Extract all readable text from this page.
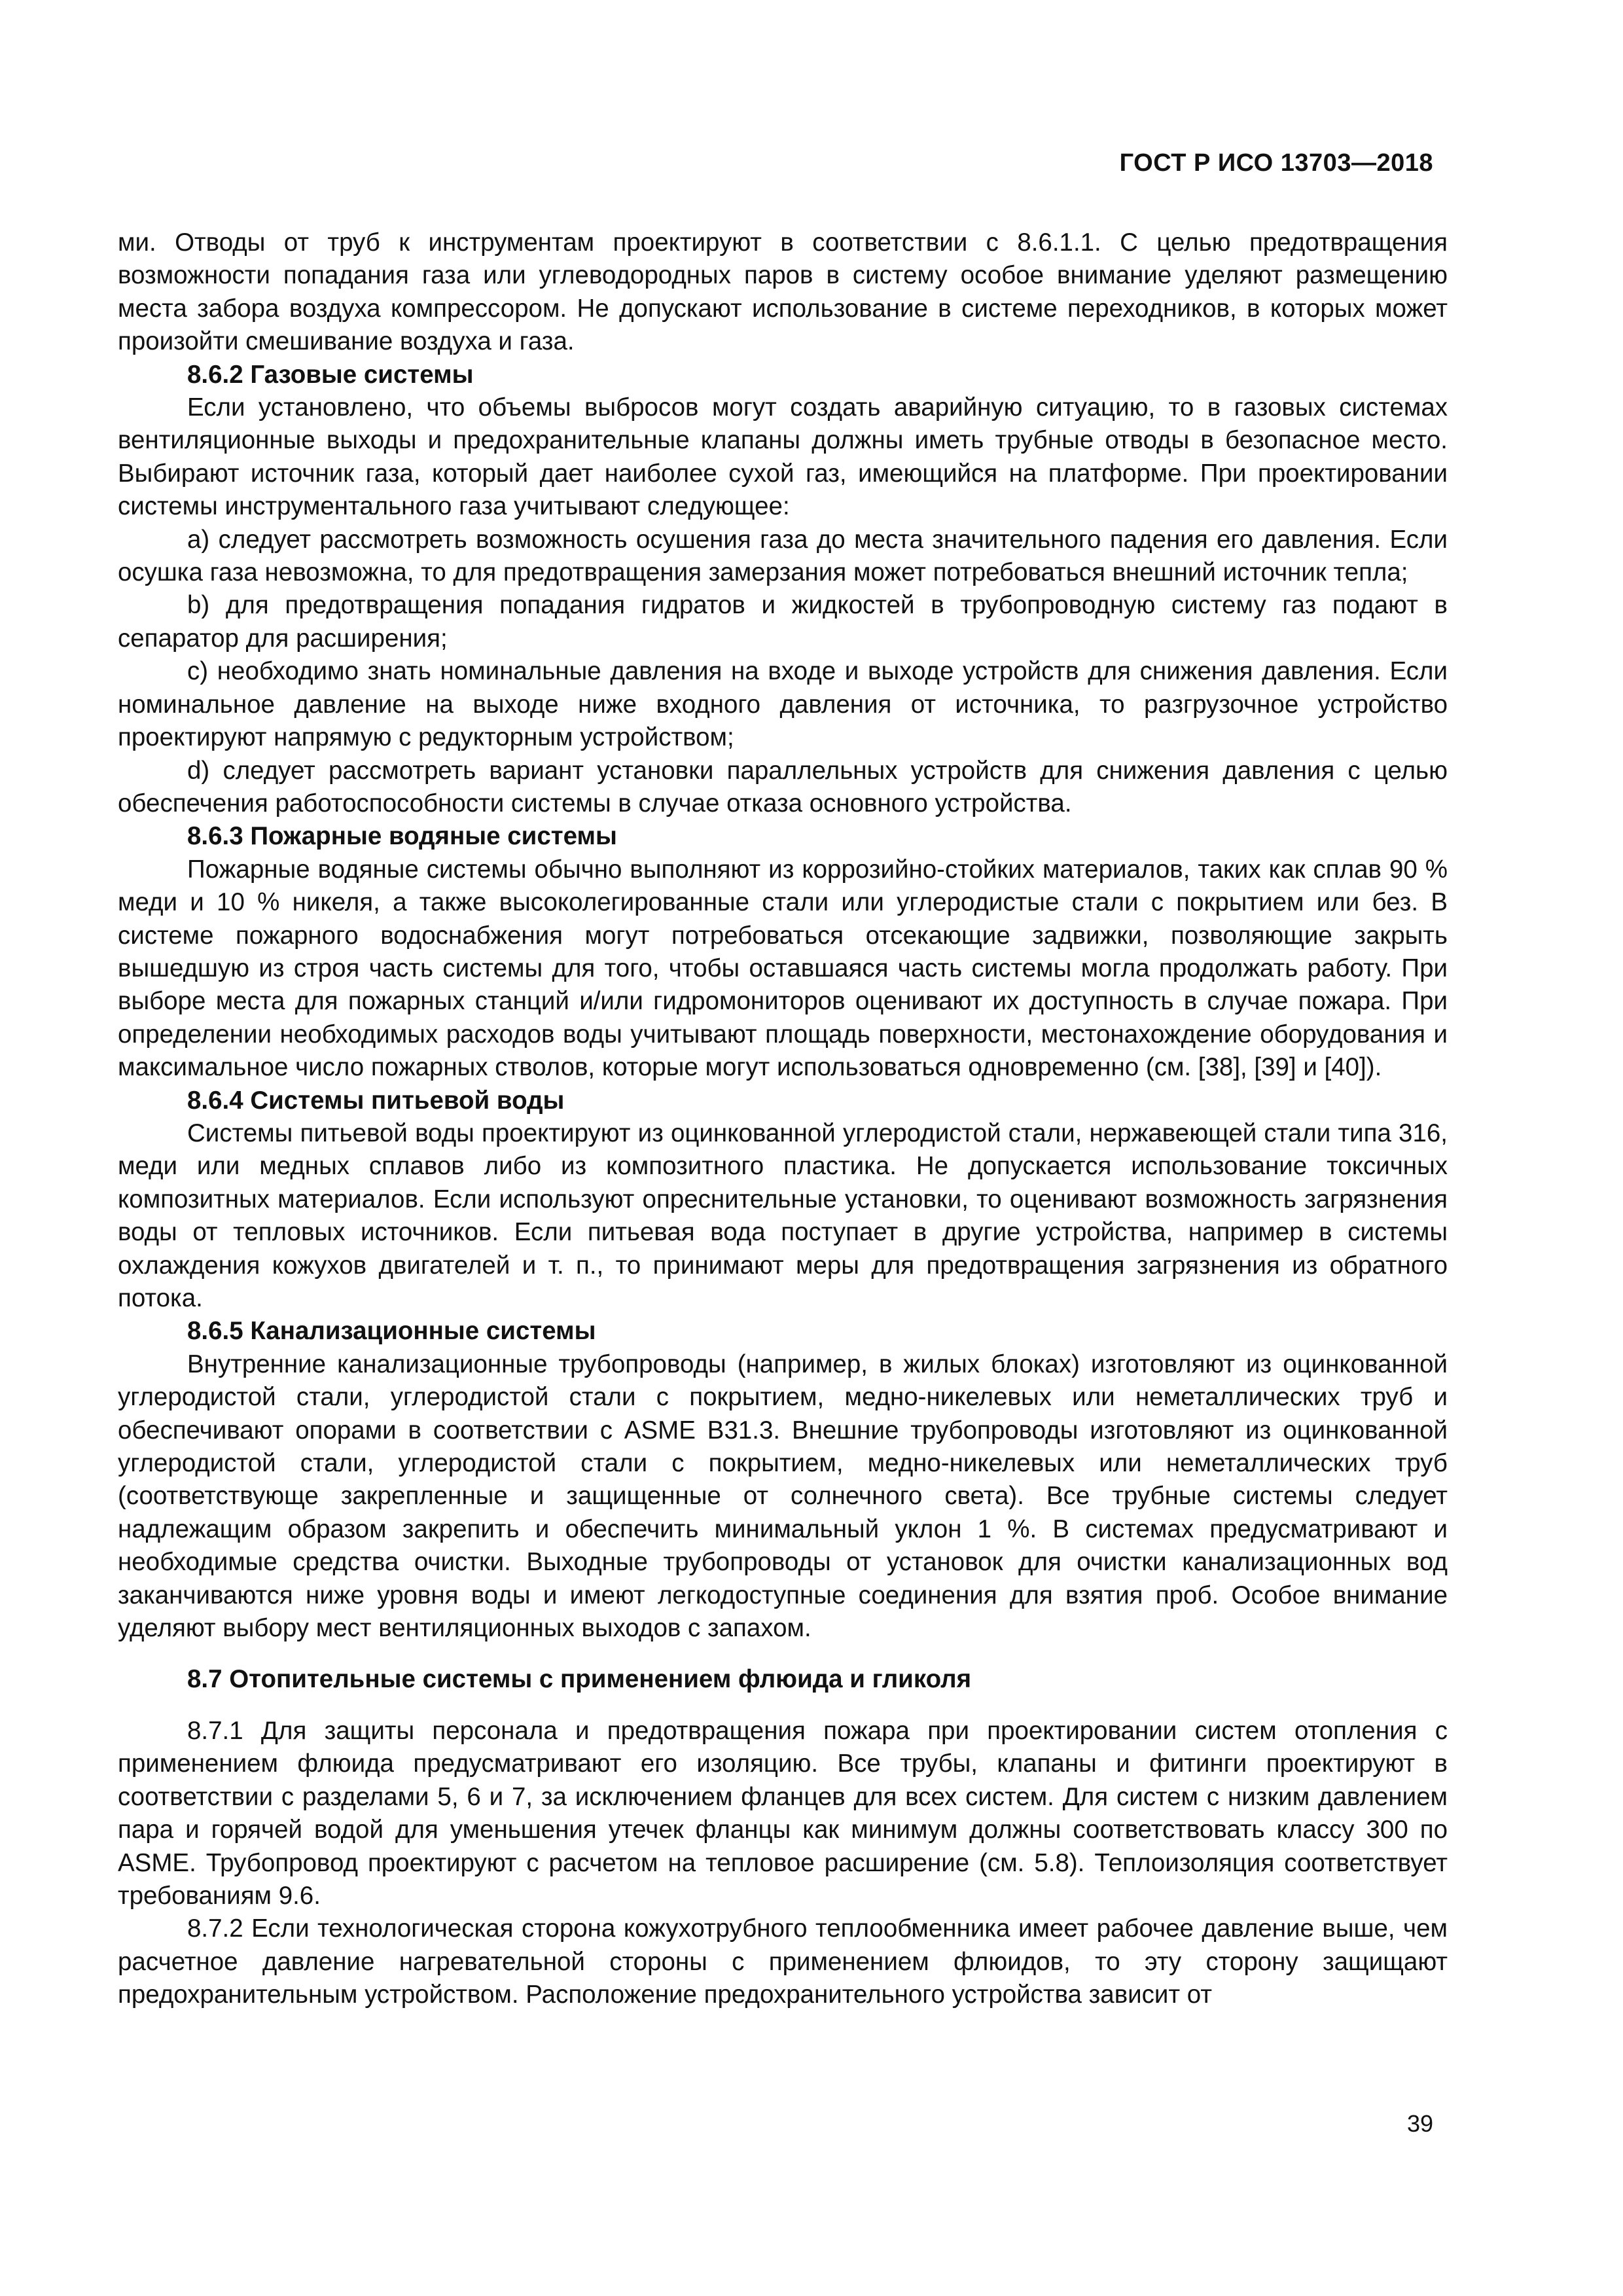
ГОСТ Р ИСО 13703—2018

ми. Отводы от труб к инструментам проектируют в соответствии с 8.6.1.1. С целью предотвращения возможности попадания газа или углеводородных паров в систему особое внимание уделяют размещению места забора воздуха компрессором. Не допускают использование в системе переходников, в которых может произойти смешивание воздуха и газа.

8.6.2 Газовые системы

Если установлено, что объемы выбросов могут создать аварийную ситуацию, то в газовых системах вентиляционные выходы и предохранительные клапаны должны иметь трубные отводы в безопасное место. Выбирают источник газа, который дает наиболее сухой газ, имеющийся на платформе. При проектировании системы инструментального газа учитывают следующее:

а) следует рассмотреть возможность осушения газа до места значительного падения его давления. Если осушка газа невозможна, то для предотвращения замерзания может потребоваться внешний источник тепла;

b) для предотвращения попадания гидратов и жидкостей в трубопроводную систему газ подают в сепаратор для расширения;

с) необходимо знать номинальные давления на входе и выходе устройств для снижения давления. Если номинальное давление на выходе ниже входного давления от источника, то разгрузочное устройство проектируют напрямую с редукторным устройством;

d) следует рассмотреть вариант установки параллельных устройств для снижения давления с целью обеспечения работоспособности системы в случае отказа основного устройства.

8.6.3 Пожарные водяные системы

Пожарные водяные системы обычно выполняют из коррозийно-стойких материалов, таких как сплав 90 % меди и 10 % никеля, а также высоколегированные стали или углеродистые стали с покрытием или без. В системе пожарного водоснабжения могут потребоваться отсекающие задвижки, позволяющие закрыть вышедшую из строя часть системы для того, чтобы оставшаяся часть системы могла продолжать работу. При выборе места для пожарных станций и/или гидромониторов оценивают их доступность в случае пожара. При определении необходимых расходов воды учитывают площадь поверхности, местонахождение оборудования и максимальное число пожарных стволов, которые могут использоваться одновременно (см. [38], [39] и [40]).

8.6.4 Системы питьевой воды

Системы питьевой воды проектируют из оцинкованной углеродистой стали, нержавеющей стали типа 316, меди или медных сплавов либо из композитного пластика. Не допускается использование токсичных композитных материалов. Если используют опреснительные установки, то оценивают возможность загрязнения воды от тепловых источников. Если питьевая вода поступает в другие устройства, например в системы охлаждения кожухов двигателей и т. п., то принимают меры для предотвращения загрязнения из обратного потока.

8.6.5 Канализационные системы

Внутренние канализационные трубопроводы (например, в жилых блоках) изготовляют из оцинкованной углеродистой стали, углеродистой стали с покрытием, медно-никелевых или неметаллических труб и обеспечивают опорами в соответствии с ASME B31.3. Внешние трубопроводы изготовляют из оцинкованной углеродистой стали, углеродистой стали с покрытием, медно-никелевых или неметаллических труб (соответствующе закрепленные и защищенные от солнечного света). Все трубные системы следует надлежащим образом закрепить и обеспечить минимальный уклон 1 %. В системах предусматривают и необходимые средства очистки. Выходные трубопроводы от установок для очистки канализационных вод заканчиваются ниже уровня воды и имеют легкодоступные соединения для взятия проб. Особое внимание уделяют выбору мест вентиляционных выходов с запахом.

8.7 Отопительные системы с применением флюида и гликоля

8.7.1 Для защиты персонала и предотвращения пожара при проектировании систем отопления с применением флюида предусматривают его изоляцию. Все трубы, клапаны и фитинги проектируют в соответствии с разделами 5, 6 и 7, за исключением фланцев для всех систем. Для систем с низким давлением пара и горячей водой для уменьшения утечек фланцы как минимум должны соответствовать классу 300 по ASME. Трубопровод проектируют с расчетом на тепловое расширение (см. 5.8). Теплоизоляция соответствует требованиям 9.6.

8.7.2 Если технологическая сторона кожухотрубного теплообменника имеет рабочее давление выше, чем расчетное давление нагревательной стороны с применением флюидов, то эту сторону защищают предохранительным устройством. Расположение предохранительного устройства зависит от

39
